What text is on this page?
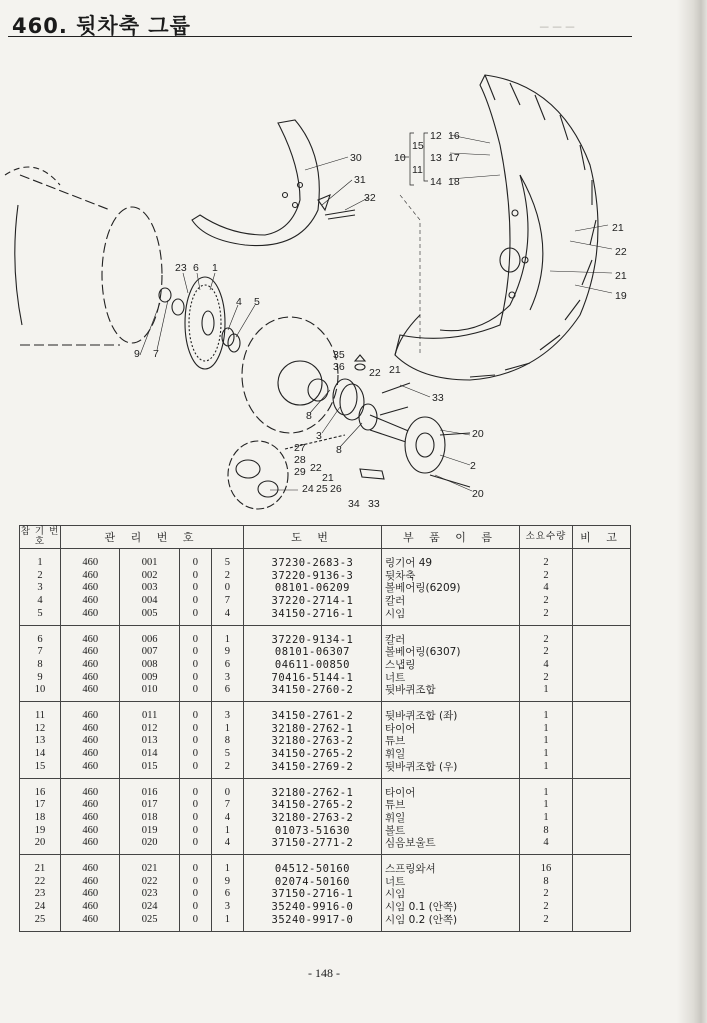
─ ─ ─
460. 뒷차축 그룹
30
31
32
12 16
15
10 13 17
11
14 18
21
22
21
19
23 6 1
4 5
9 7	35
36 22 21
33
8
3
8
20
2
20
27
28
29 22
21
24 25 26
34 33
참 기 번 호	관 리 번 호				도 번	부 품 이 름	소요수량	비 고
1	460	001	0	5	37230-2683-3	링기어 49	2	
2	460	002	0	2	37220-9136-3	뒷차축	2	
3	460	003	0	0	08101-06209	볼베어링(6209)	4	
4	460	004	0	7	37220-2714-1	칼러	2	
5	460	005	0	4	34150-2716-1	시임	2	
6	460	006	0	1	37220-9134-1	칼러	2	
7	460	007	0	9	08101-06307	볼베어링(6307)	2	
8	460	008	0	6	04611-00850	스냅링	4	
9	460	009	0	3	70416-5144-1	너트	2	
10	460	010	0	6	34150-2760-2	뒷바퀴조합	1	
11	460	011	0	3	34150-2761-2	뒷바퀴조합 (좌)	1	
12	460	012	0	1	32180-2762-1	타이어	1	
13	460	013	0	8	32180-2763-2	튜브	1	
14	460	014	0	5	34150-2765-2	휘일	1	
15	460	015	0	2	34150-2769-2	뒷바퀴조합 (우)	1	
16	460	016	0	0	32180-2762-1	타이어	1	
17	460	017	0	7	34150-2765-2	튜브	1	
18	460	018	0	4	32180-2763-2	휘일	1	
19	460	019	0	1	01073-51630	볼트	8	
20	460	020	0	4	37150-2771-2	심음보울트	4	
21	460	021	0	1	04512-50160	스프링와셔	16	
22	460	022	0	9	02074-50160	너트	8	
23	460	023	0	6	37150-2716-1	시임	2	
24	460	024	0	3	35240-9916-0	시임 0.1 (안쪽)	2	
25	460	025	0	1	35240-9917-0	시임 0.2 (안쪽)	2	
- 148 -
